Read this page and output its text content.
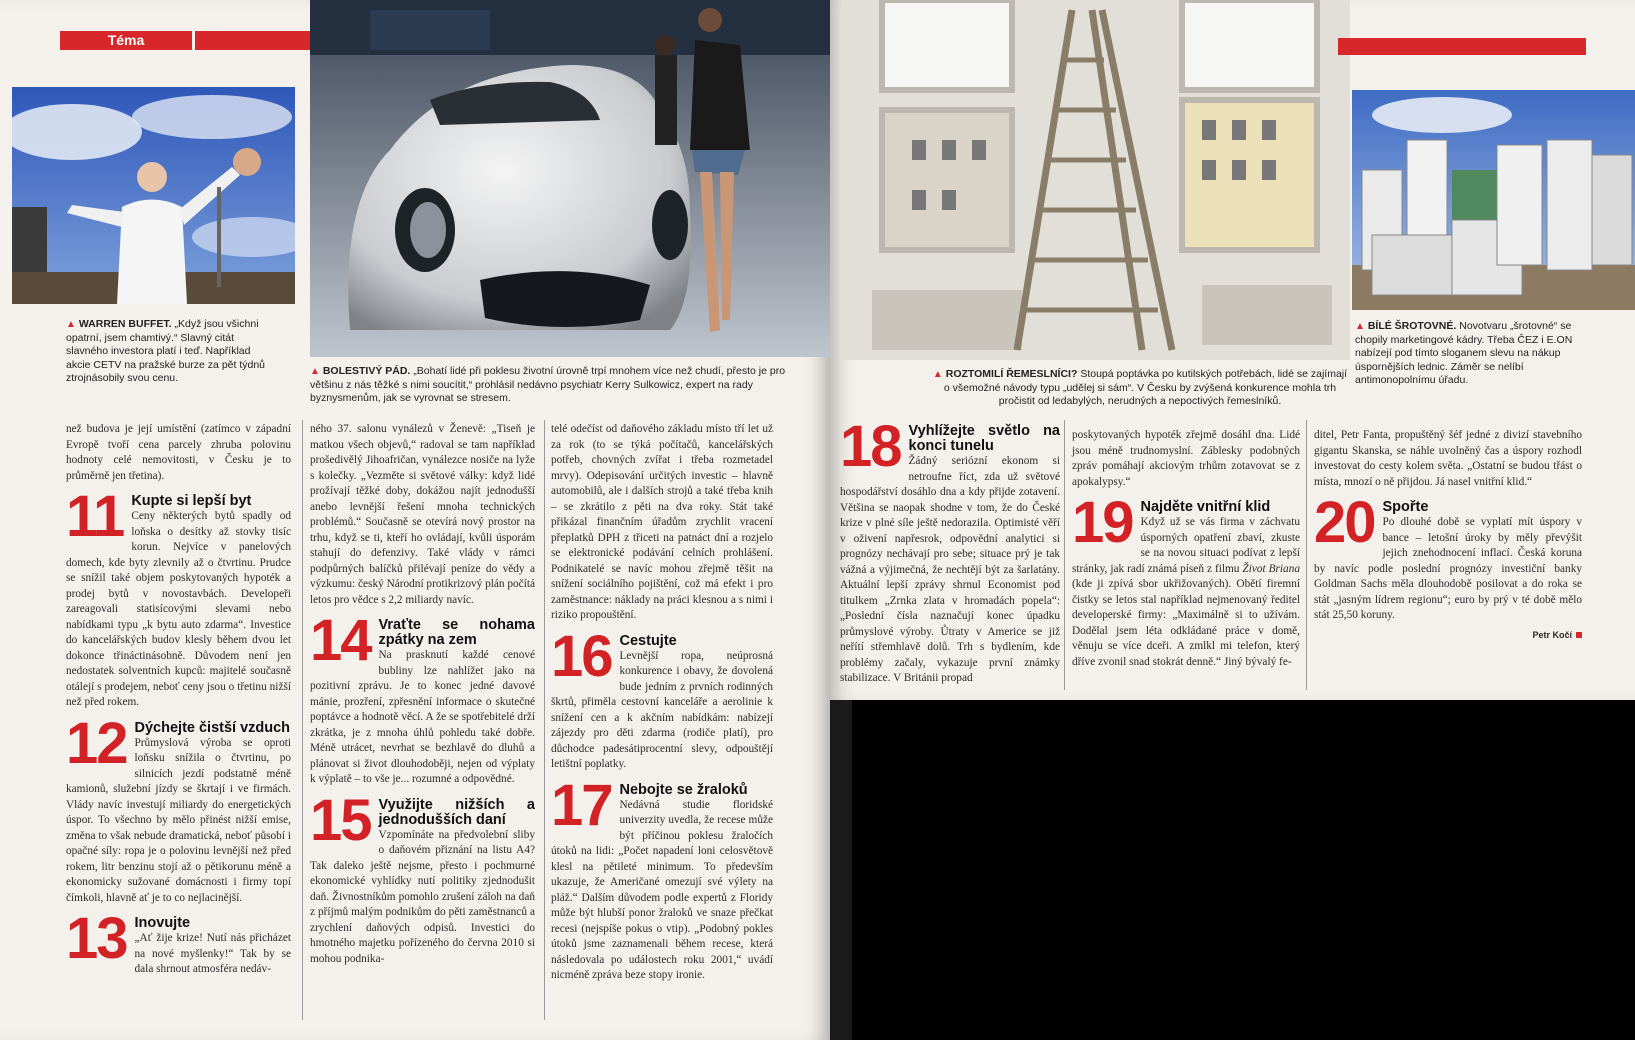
Téma
▲ WARREN BUFFET. „Když jsou všichni opatrní, jsem chamtivý.“ Slavný citát slavného investora platí i teď. Například akcie CETV na pražské burze za pět týdnů ztrojnásobily svou cenu.
▲ BOLESTIVÝ PÁD. „Bohatí lidé při poklesu životní úrovně trpí mnohem více než chudí, přesto je pro většinu z nás těžké s nimi soucítit,“ prohlásil nedávno psychiatr Kerry Sulkowicz, expert na rady byznysmenům, jak se vyrovnat se stresem.

než budova je její umístění (zatímco v západní Evropě tvoří cena parcely zhruba polovinu hodnoty celé nemovitosti, v Česku je to průměrně jen třetina).

11 Kupte si lepší byt

Ceny některých bytů spadly od loňska o desítky až stovky tisíc korun. Nejvíce v panelových domech, kde byty zlevnily až o čtvrtinu. Prudce se snížil také objem poskytovaných hypoték a prodej bytů v novostavbách. Developeři zareagovali statisícovými slevami nebo nabídkami typu „k bytu auto zdarma“. Investice do kancelářských budov klesly během dvou let dokonce třináctinásobně. Důvodem není jen nedostatek solventních kupců: majitelé současně otálejí s prodejem, neboť ceny jsou o třetinu nižší než před rokem.

12 Dýchejte čistší vzduch

Průmyslová výroba se oproti loňsku snížila o čtvrtinu, po silnicích jezdí podstatně méně kamionů, služební jízdy se škrtají i ve firmách. Vlády navíc investují miliardy do energetických úspor. To všechno by mělo přinést nižší emise, změna to však nebude dramatická, neboť působí i opačné síly: ropa je o polovinu levnější než před rokem, litr benzinu stojí až o pětikorunu méně a ekonomicky sužované domácnosti i firmy topí čímkoli, hlavně ať je to co nejlacinější.

13 Inovujte

„Ať žije krize! Nutí nás přicházet na nové myšlenky!“ Tak by se dala shrnout atmosféra nedáv-

ného 37. salonu vynálezů v Ženevě: „Tiseň je matkou všech objevů,“ radoval se tam například prošedivělý Jihoafričan, vynálezce nosiče na lyže s kolečky. „Vezměte si světové války: když lidé prožívají těžké doby, dokážou najít jednodušší anebo levnější řešení mnoha technických problémů.“ Současně se otevírá nový prostor na trhu, když se ti, kteří ho ovládají, kvůli úsporám stahují do defenzivy. Také vlády v rámci podpůrných balíčků přilévají peníze do vědy a výzkumu: český Národní protikrizový plán počítá letos pro vědce s 2,2 miliardy navíc.

14 Vraťte se nohama zpátky na zem

Na prasknutí každé cenové bubliny lze nahlížet jako na pozitivní zprávu. Je to konec jedné davové mánie, prozření, zpřesnění informace o skutečné poptávce a hodnotě věcí. A že se spotřebitelé drží zkrátka, je z mnoha úhlů pohledu také dobře. Méně utrácet, nevrhat se bezhlavě do dluhů a plánovat si život dlouhodoběji, nejen od výplaty k výplatě – to vše je... rozumné a odpovědné.

15 Využijte nižších a jednodušších daní

Vzpomínáte na předvolební sliby o daňovém přiznání na listu A4? Tak daleko ještě nejsme, přesto i pochmurné ekonomické vyhlídky nutí politiky zjednodušit daň. Živnostníkům pomohlo zrušení záloh na daň z příjmů malým podnikům do pěti zaměstnanců a zrychlení daňových odpisů. Investici do hmotného majetku pořízeného do června 2010 si mohou podnika-

telé odečíst od daňového základu místo tří let už za rok (to se týká počítačů, kancelářských potřeb, chovných zvířat i třeba rozmetadel mrvy). Odepisování určitých investic – hlavně automobilů, ale i dalších strojů a také třeba knih – se zkrátilo z pěti na dva roky. Stát také přikázal finančním úřadům zrychlit vracení přeplatků DPH z třiceti na patnáct dní a rozjelo se elektronické podávání celních prohlášení. Podnikatelé se navíc mohou zřejmě těšit na snížení sociálního pojištění, což má efekt i pro zaměstnance: náklady na práci klesnou a s nimi i riziko propouštění.

16 Cestujte

Levnější ropa, neúprosná konkurence i obavy, že dovolená bude jedním z prvních rodinných škrtů, přiměla cestovní kanceláře a aerolinie k snížení cen a k akčním nabídkám: nabízejí zájezdy pro děti zdarma (rodiče platí), pro důchodce padesátiprocentní slevy, odpouštějí letištní poplatky.

17 Nebojte se žraloků

Nedávná studie floridské univerzity uvedla, že recese může být příčinou poklesu žraločích útoků na lidi: „Počet napadení loni celosvětově klesl na pětileté minimum. To především ukazuje, že Američané omezují své výlety na pláž.“ Dalším důvodem podle expertů z Floridy může být hlubší ponor žraloků ve snaze přečkat recesi (nejspíše pokus o vtip). „Podobný pokles útoků jsme zaznamenali během recese, která následovala po událostech roku 2001,“ uvádí nicméně zpráva beze stopy ironie.

▲ ROZTOMILÍ ŘEMESLNÍCI? Stoupá poptávka po kutilských potřebách, lidé se zajímají o všemožné návody typu „udělej si sám“. V Česku by zvýšená konkurence mohla trh pročistit od ledabylých, nerudných a nepoctivých řemeslníků.
▲ BÍLÉ ŠROTOVNÉ. Novotvaru „šrotovné“ se chopily marketingové kádry. Třeba ČEZ i E.ON nabízejí pod tímto sloganem slevu na nákup úspornějších lednic. Záměr se nelíbí antimonopolnímu úřadu.
18 Vyhlížejte světlo na konci tunelu

Žádný seriózní ekonom si netroufne říct, zda už světové hospodářství dosáhlo dna a kdy přijde zotavení. Většina se naopak shodne v tom, že do České krize v plné síle ještě nedorazila. Optimisté věří v oživení napřesrok, odpovědní analytici si prognózy nechávají pro sebe; situace prý je tak vážná a výjimečná, že nechtějí být za šarlatány. Aktuální lepší zprávy shrnul Economist pod titulkem „Zrnka zlata v hromadách popela“: „Poslední čísla naznačují konec úpadku průmyslové výroby. Ůtraty v Americe se již neřítí střemhlavě dolů. Trh s bydlením, kde problémy začaly, vykazuje první známky stabilizace. V Británii propad

poskytovaných hypoték zřejmě dosáhl dna. Lidé jsou méně trudnomyslní. Záblesky podobných zpráv pomáhají akciovým trhům zotavovat se z apokalypsy.“

19 Najděte vnitřní klid

Když už se vás firma v záchvatu úsporných opatření zbaví, zkuste se na novou situaci podívat z lepší stránky, jak radí známá píseň z filmu Život Briana (kde ji zpívá sbor ukřižovaných). Obětí firemní čistky se letos stal například nejmenovaný ředitel developerské firmy: „Maximálně si to užívám. Dodělal jsem léta odkládané práce v domě, věnuju se více dceři. A zmlkl mi telefon, který dříve zvonil snad stokrát denně.“ Jiný bývalý fe-

ditel, Petr Fanta, propuštěný šéf jedné z divizí stavebního gigantu Skanska, se náhle uvolněný čas a úspory rozhodl investovat do cesty kolem světa. „Ostatní se budou třást o místa, mnozí o ně přijdou. Já nasel vnitřní klid.“

20 Spořte

Po dlouhé době se vyplatí mít úspory v bance – letošní úroky by měly převýšit jejich znehodnocení inflací. Česká koruna by navíc podle poslední prognózy investiční banky Goldman Sachs měla dlouhodobě posilovat a do roka se stát „jasným lídrem regionu“; euro by prý v té době mělo stát 25,50 koruny.

Petr Kočí
